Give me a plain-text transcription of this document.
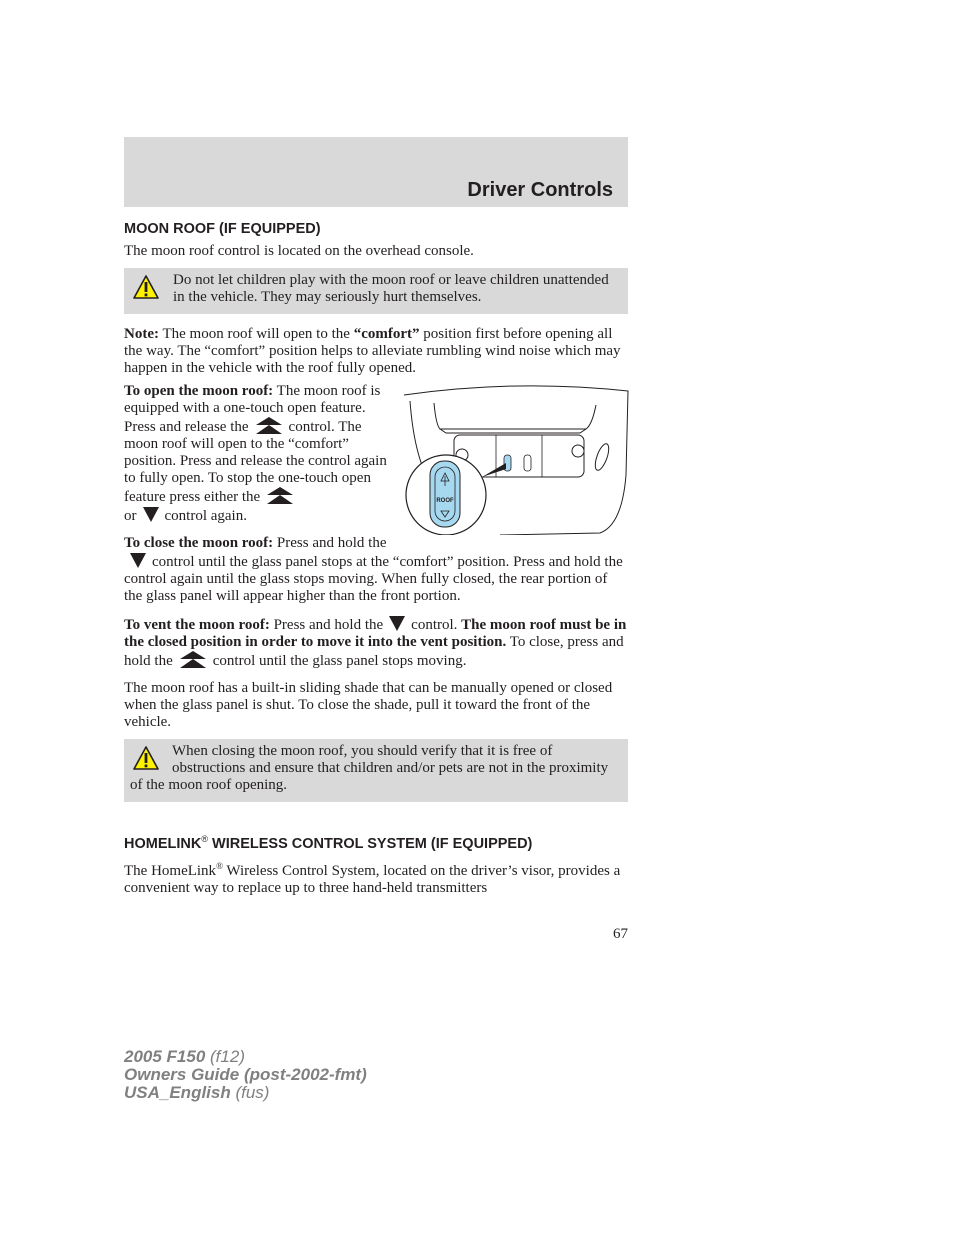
Driver Controls
MOON ROOF (IF EQUIPPED)

The moon roof control is located on the overhead console.

Do not let children play with the moon roof or leave children unattended in the vehicle. They may seriously hurt themselves.

Note: The moon roof will open to the “comfort” position first before opening all the way. The “comfort” position helps to alleviate rumbling wind noise which may happen in the vehicle with the roof fully opened.

ROOF

To open the moon roof: The moon roof is equipped with a one-touch open feature. Press and release the	control. The moon roof will open to the “comfort” position. Press and release the control again to fully open. To stop the one-touch open feature press either the
or control again.

To close the moon roof: Press and hold thecontrol until the glass panel stops at the “comfort” position. Press and hold the control again until the glass stops moving. When fully closed, the rear portion of the glass panel will appear higher than the front portion.

To vent the moon roof: Press and hold the control. The moon roof must be in the closed position in order to move it into the vent position. To close, press and hold the	control until the glass panel stops moving.

The moon roof has a built-in sliding shade that can be manually opened or closed when the glass panel is shut. To close the shade, pull it toward the front of the vehicle.

When closing the moon roof, you should verify that it is free of obstructions and ensure that children and/or pets are not in the proximity of the moon roof opening.
HOMELINK® WIRELESS CONTROL SYSTEM (IF EQUIPPED)

The HomeLink® Wireless Control System, located on the driver’s visor, provides a convenient way to replace up to three hand-held transmitters

67
2005 F150 (f12)
Owners Guide (post-2002-fmt)
USA_English (fus)
